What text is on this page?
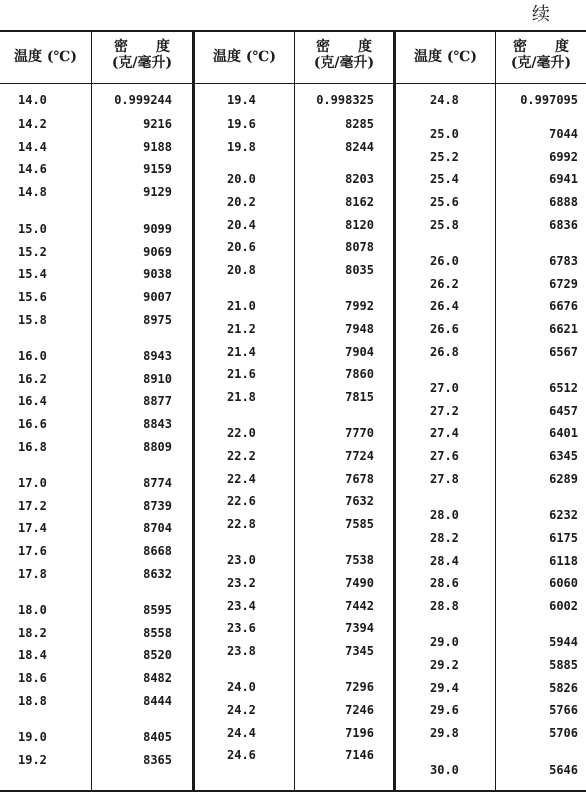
续
温度 (℃)
密　　度
(克/毫升)
14.0	0.999244
14.2	9216
14.4	9188
14.6	9159
14.8	9129
15.0	9099
15.2	9069
15.4	9038
15.6	9007
15.8	8975
16.0	8943
16.2	8910
16.4	8877
16.6	8843
16.8	8809
17.0	8774
17.2	8739
17.4	8704
17.6	8668
17.8	8632
18.0	8595
18.2	8558
18.4	8520
18.6	8482
18.8	8444
19.0	8405
19.2	8365
温度 (℃)
密　　度
(克/毫升)
19.4	0.998325
19.6	8285
19.8	8244
20.0	8203
20.2	8162
20.4	8120
20.6	8078
20.8	8035
21.0	7992
21.2	7948
21.4	7904
21.6	7860
21.8	7815
22.0	7770
22.2	7724
22.4	7678
22.6	7632
22.8	7585
23.0	7538
23.2	7490
23.4	7442
23.6	7394
23.8	7345
24.0	7296
24.2	7246
24.4	7196
24.6	7146
温度 (℃)
密　　度
(克/毫升)
24.8	0.997095
25.0	7044
25.2	6992
25.4	6941
25.6	6888
25.8	6836
26.0	6783
26.2	6729
26.4	6676
26.6	6621
26.8	6567
27.0	6512
27.2	6457
27.4	6401
27.6	6345
27.8	6289
28.0	6232
28.2	6175
28.4	6118
28.6	6060
28.8	6002
29.0	5944
29.2	5885
29.4	5826
29.6	5766
29.8	5706
30.0	5646
